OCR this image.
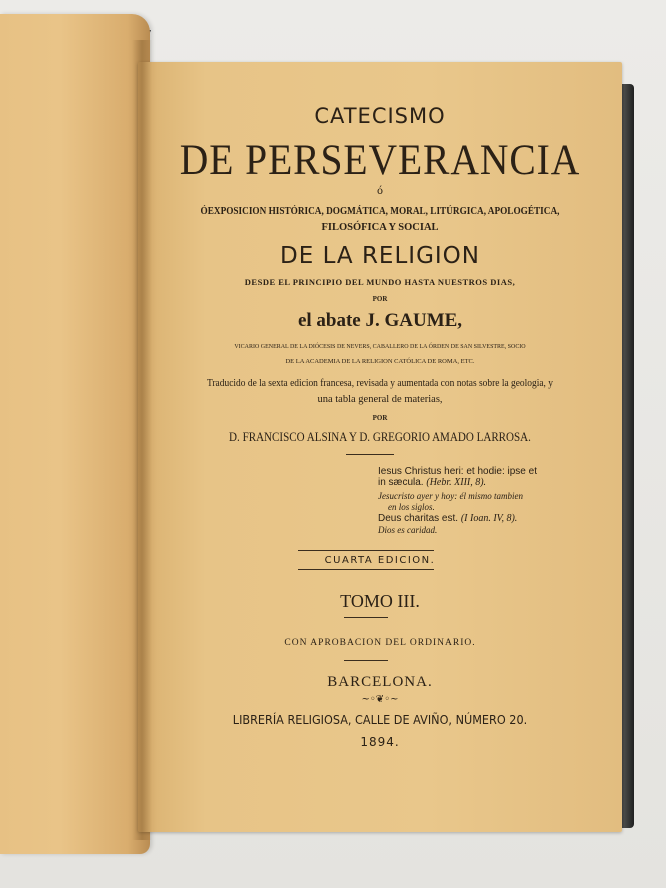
CATECISMO
DE PERSEVERANCIA
ó
ÓEXPOSICION HISTÓRICA, DOGMÁTICA, MORAL, LITÚRGICA, APOLOGÉTICA,
FILOSÓFICA Y SOCIAL
DE LA RELIGION
DESDE EL PRINCIPIO DEL MUNDO HASTA NUESTROS DIAS,
POR
el abate J. GAUME,
VICARIO GENERAL DE LA DIÓCESIS DE NEVERS, CABALLERO DE LA ÓRDEN DE SAN SILVESTRE, SOCIO
DE LA ACADEMIA DE LA RELIGION CATÓLICA DE ROMA, ETC.
Traducido de la sexta edicion francesa, revisada y aumentada con notas sobre la geologia, y
una tabla general de materias,
POR
D. FRANCISCO ALSINA Y D. GREGORIO AMADO LARROSA.
Iesus Christus heri: et hodie: ipse et
in sæcula. (Hebr. XIII, 8).
Jesucristo ayer y hoy: él mismo tambien
en los siglos.
Deus charitas est. (I Ioan. IV, 8).
Dios es caridad.
CUARTA EDICION.
TOMO III.
CON APROBACION DEL ORDINARIO.
BARCELONA.
~◦❦◦~
LIBRERÍA RELIGIOSA, CALLE DE AVIÑO, NÚMERO 20.
1894.
